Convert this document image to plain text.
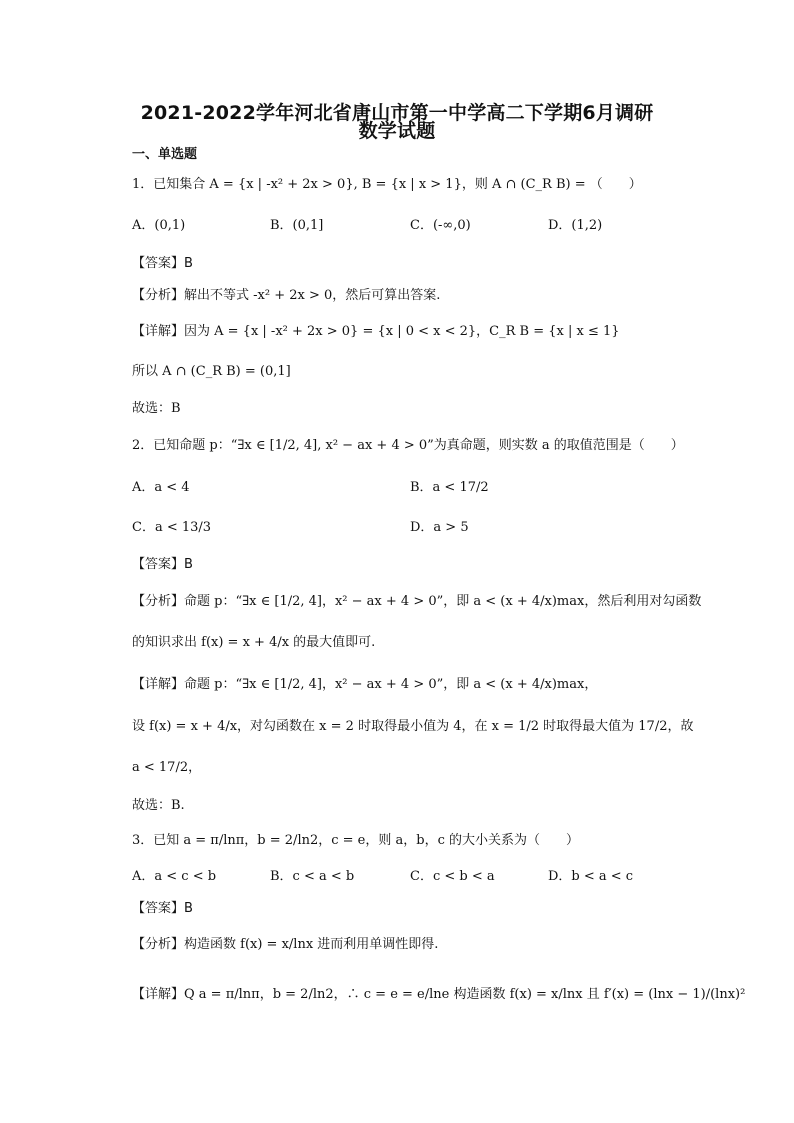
2021-2022学年河北省唐山市第一中学高二下学期6月调研
数学试题
一、单选题
1．已知集合 A = {x | -x² + 2x > 0}, B = {x | x > 1}，则 A ∩ (C_R B) = （　　）
A．(0,1)	B．(0,1]	C．(-∞,0)	D．(1,2)
【答案】B
【分析】解出不等式 -x² + 2x > 0，然后可算出答案.
【详解】因为 A = {x | -x² + 2x > 0} = {x | 0 < x < 2}，C_R B = {x | x ≤ 1}
所以 A ∩ (C_R B) = (0,1]
故选：B
2．已知命题 p：“∃x ∈ [1/2, 4], x² − ax + 4 > 0”为真命题，则实数 a 的取值范围是（　　）
A．a < 4	B．a < 17/2
C．a < 13/3	D．a > 5
【答案】B
【分析】命题 p：“∃x ∈ [1/2, 4]，x² − ax + 4 > 0”，即 a < (x + 4/x)max，然后利用对勾函数
的知识求出 f(x) = x + 4/x 的最大值即可.
【详解】命题 p：“∃x ∈ [1/2, 4]，x² − ax + 4 > 0”，即 a < (x + 4/x)max，
设 f(x) = x + 4/x，对勾函数在 x = 2 时取得最小值为 4，在 x = 1/2 时取得最大值为 17/2，故
a < 17/2，
故选：B.
3．已知 a = π/lnπ，b = 2/ln2，c = e，则 a，b，c 的大小关系为（　　）
A．a < c < b	B．c < a < b	C．c < b < a	D．b < a < c
【答案】B
【分析】构造函数 f(x) = x/lnx 进而利用单调性即得.
【详解】Q a = π/lnπ，b = 2/ln2，∴ c = e = e/lne 构造函数 f(x) = x/lnx 且 f′(x) = (lnx − 1)/(lnx)²
